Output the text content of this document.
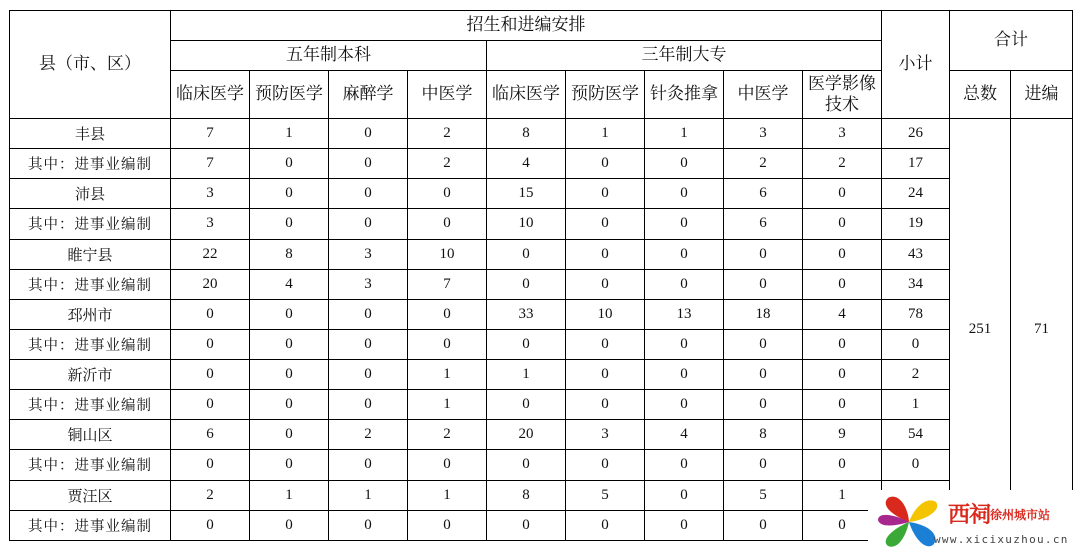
县（市、区）	招生和进编安排									小计	合计	
	五年制本科				三年制大专							
	临床医学	预防医学	麻醉学	中医学	临床医学	预防医学	针灸推拿	中医学	医学影像技术		总数	进编
丰县	7	1	0	2	8	1	1	3	3	26	251	71
其中：进事业编制	7	0	0	2	4	0	0	2	2	17		
沛县	3	0	0	0	15	0	0	6	0	24		
其中：进事业编制	3	0	0	0	10	0	0	6	0	19		
睢宁县	22	8	3	10	0	0	0	0	0	43		
其中：进事业编制	20	4	3	7	0	0	0	0	0	34		
邳州市	0	0	0	0	33	10	13	18	4	78		
其中：进事业编制	0	0	0	0	0	0	0	0	0	0		
新沂市	0	0	0	1	1	0	0	0	0	2		
其中：进事业编制	0	0	0	1	0	0	0	0	0	1		
铜山区	6	0	2	2	20	3	4	8	9	54		
其中：进事业编制	0	0	0	0	0	0	0	0	0	0		
贾汪区	2	1	1	1	8	5	0	5	1			
其中：进事业编制	0	0	0	0	0	0	0	0	0				西祠 徐州城市站
www.xicixuzhou.cn
